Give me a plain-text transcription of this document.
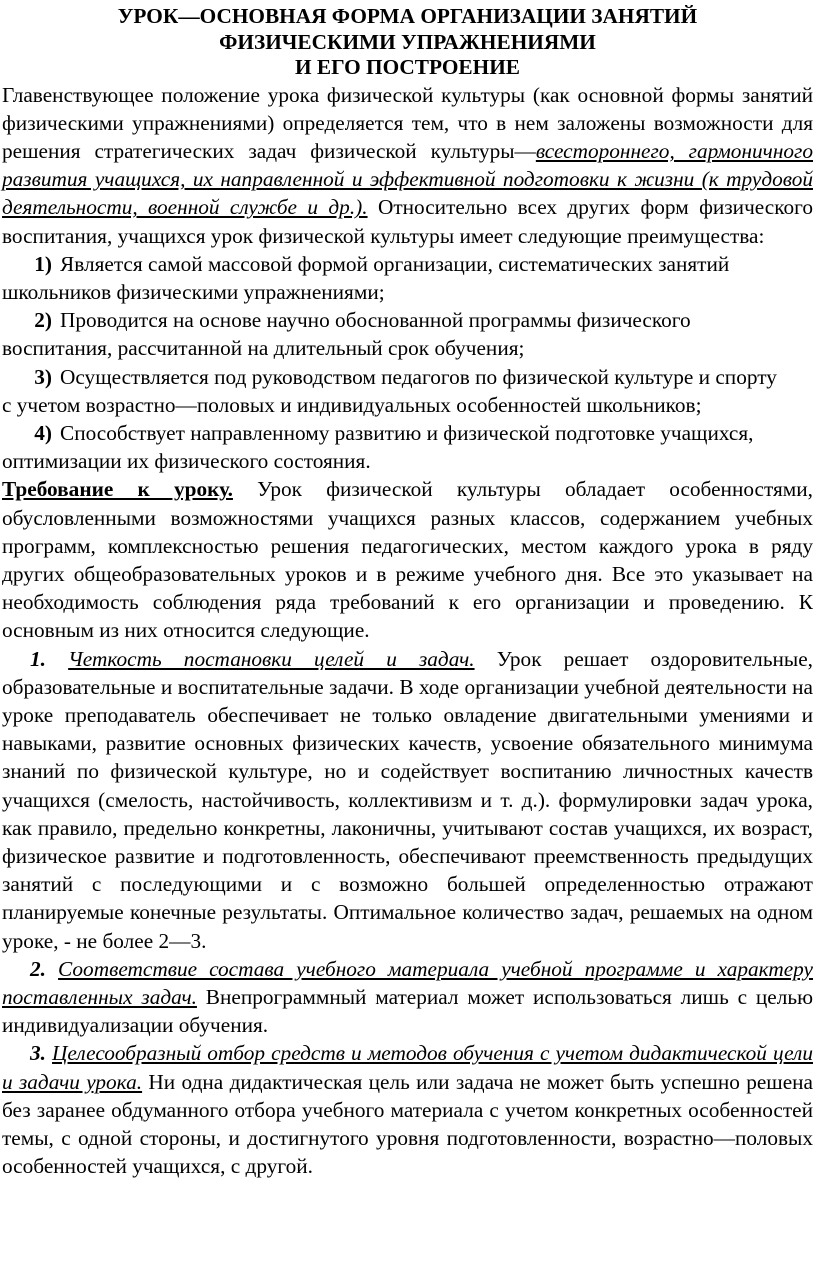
УРОК—ОСНОВНАЯ ФОРМА ОРГАНИЗАЦИИ ЗАНЯТИЙ
ФИЗИЧЕСКИМИ УПРАЖНЕНИЯМИ
И ЕГО ПОСТРОЕНИЕ

Главенствующее положение урока физической культуры (как основной формы занятий физическими упражнениями) определяется тем, что в нем заложены возможности для решения стратегических задач физической культуры—всестороннего, гармоничного развития учащихся, их направленной и эффективной подготовки к жизни (к трудовой деятельности, военной службе и др.). Относительно всех других форм физического воспитания, учащихся урок физической культуры имеет следующие преимущества:

1) Является самой массовой формой организации, систематических занятий

школьников физическими упражнениями;

2) Проводится на основе научно обоснованной программы физического

воспитания, рассчитанной на длительный срок обучения;

3) Осуществляется под руководством педагогов по физической культуре и спорту

с учетом возрастно—половых и индивидуальных особенностей школьников;

4) Способствует направленному развитию и физической подготовке учащихся,

оптимизации их физического состояния.

Требование к уроку. Урок физической культуры обладает особенностями, обусловленными возможностями учащихся разных классов, содержанием учебных программ, комплексностью решения педагогических, местом каждого урока в ряду других общеобразовательных уроков и в режиме учебного дня. Все это указывает на необходимость соблюдения ряда требований к его организации и проведению. К основным из них относится следующие.

1. Четкость постановки целей и задач. Урок решает оздоровительные, образовательные и воспитательные задачи. В ходе организации учебной деятельности на уроке преподаватель обеспечивает не только овладение двигательными умениями и навыками, развитие основных физических качеств, усвоение обязательного минимума знаний по физической культуре, но и содействует воспитанию личностных качеств учащихся (смелость, настойчивость, коллективизм и т. д.). формулировки задач урока, как правило, предельно конкретны, лаконичны, учитывают состав учащихся, их возраст, физическое развитие и подготовленность, обеспечивают преемственность предыдущих занятий с последующими и с возможно большей определенностью отражают планируемые конечные результаты. Оптимальное количество задач, решаемых на одном уроке, - не более 2—3.

2. Соответствие состава учебного материала учебной программе и характеру поставленных задач. Внепрограммный материал может использоваться лишь с целью индивидуализации обучения.

3. Целесообразный отбор средств и методов обучения с учетом дидактической цели и задачи урока. Ни одна дидактическая цель или задача не может быть успешно решена без заранее обдуманного отбора учебного материала с учетом конкретных особенностей темы, с одной стороны, и достигнутого уровня подготовленности, возрастно—половых особенностей учащихся, с другой.
